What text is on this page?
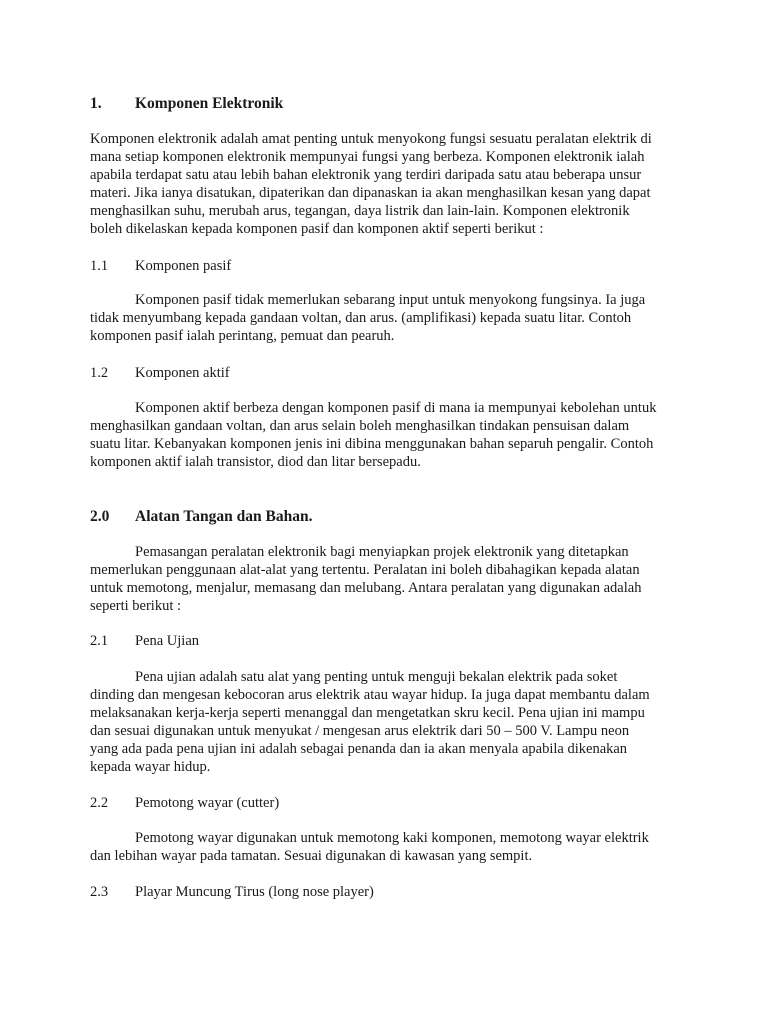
1. Komponen Elektronik
Komponen elektronik adalah amat penting untuk menyokong fungsi sesuatu peralatan elektrik di
mana setiap komponen elektronik mempunyai fungsi yang berbeza. Komponen elektronik ialah
apabila terdapat satu atau lebih bahan elektronik yang terdiri daripada satu atau beberapa unsur
materi. Jika ianya disatukan, dipaterikan dan dipanaskan ia akan menghasilkan kesan yang dapat
menghasilkan suhu, merubah arus, tegangan, daya listrik dan lain-lain. Komponen elektronik
boleh dikelaskan kepada komponen pasif dan komponen aktif seperti berikut :
1.1 Komponen pasif
Komponen pasif tidak memerlukan sebarang input untuk menyokong fungsinya. Ia juga
tidak menyumbang kepada gandaan voltan, dan arus. (amplifikasi) kepada suatu litar. Contoh
komponen pasif ialah perintang, pemuat dan pearuh.
1.2 Komponen aktif
Komponen aktif berbeza dengan komponen pasif di mana ia mempunyai kebolehan untuk
menghasilkan gandaan voltan, dan arus selain boleh menghasilkan tindakan pensuisan dalam
suatu litar. Kebanyakan komponen jenis ini dibina menggunakan bahan separuh pengalir. Contoh
komponen aktif ialah transistor, diod dan litar bersepadu.
2.0 Alatan Tangan dan Bahan.
Pemasangan peralatan elektronik bagi menyiapkan projek elektronik yang ditetapkan
memerlukan penggunaan alat-alat yang tertentu. Peralatan ini boleh dibahagikan kepada alatan
untuk memotong, menjalur, memasang dan melubang. Antara peralatan yang digunakan adalah
seperti berikut :
2.1 Pena Ujian
Pena ujian adalah satu alat yang penting untuk menguji bekalan elektrik pada soket
dinding dan mengesan kebocoran arus elektrik atau wayar hidup. Ia juga dapat membantu dalam
melaksanakan kerja-kerja seperti menanggal dan mengetatkan skru kecil. Pena ujian ini mampu
dan sesuai digunakan untuk menyukat / mengesan arus elektrik dari 50 – 500 V. Lampu neon
yang ada pada pena ujian ini adalah sebagai penanda dan ia akan menyala apabila dikenakan
kepada wayar hidup.
2.2 Pemotong wayar (cutter)
Pemotong wayar digunakan untuk memotong kaki komponen, memotong wayar elektrik
dan lebihan wayar pada tamatan. Sesuai digunakan di kawasan yang sempit.
2.3 Playar Muncung Tirus (long nose player)
